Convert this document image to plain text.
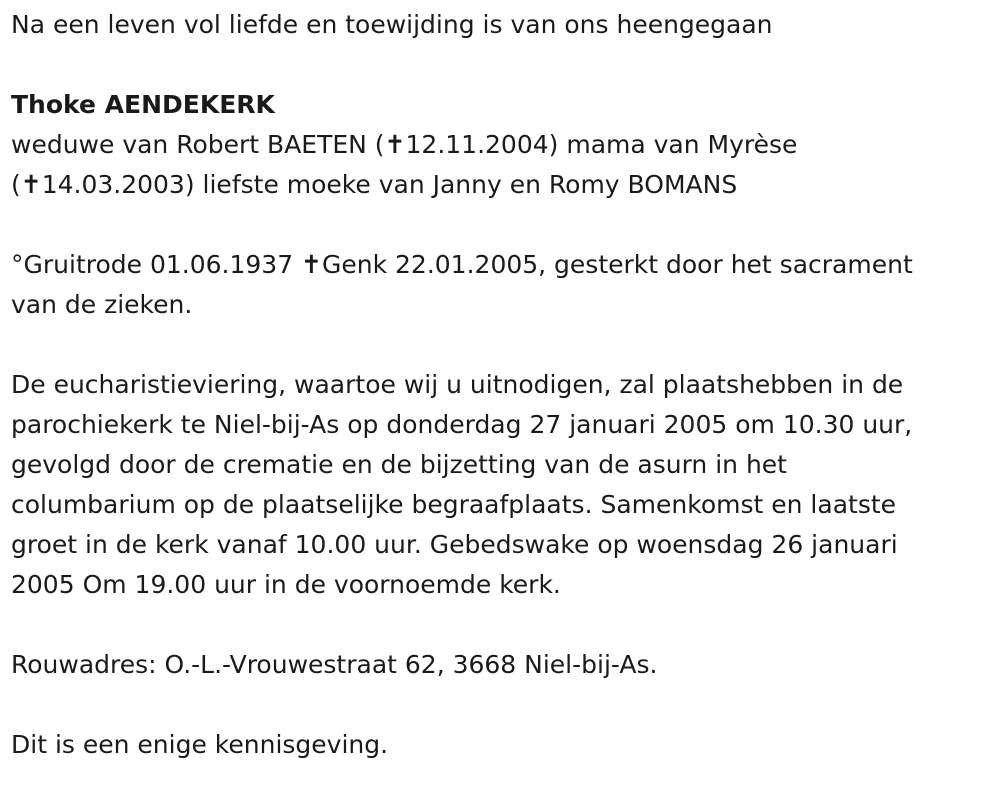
Na een leven vol liefde en toewijding is van ons heengegaan
Thoke AENDEKERK
weduwe van Robert BAETEN (✝12.11.2004) mama van Myrèse
(✝14.03.2003) liefste moeke van Janny en Romy BOMANS
°Gruitrode 01.06.1937 ✝Genk 22.01.2005, gesterkt door het sacrament
van de zieken.
De eucharistieviering, waartoe wij u uitnodigen, zal plaatshebben in de
parochiekerk te Niel-bij-As op donderdag 27 januari 2005 om 10.30 uur,
gevolgd door de crematie en de bijzetting van de asurn in het
columbarium op de plaatselijke begraafplaats. Samenkomst en laatste
groet in de kerk vanaf 10.00 uur. Gebedswake op woensdag 26 januari
2005 Om 19.00 uur in de voornoemde kerk.
Rouwadres: O.-L.-Vrouwestraat 62, 3668 Niel-bij-As.
Dit is een enige kennisgeving.
